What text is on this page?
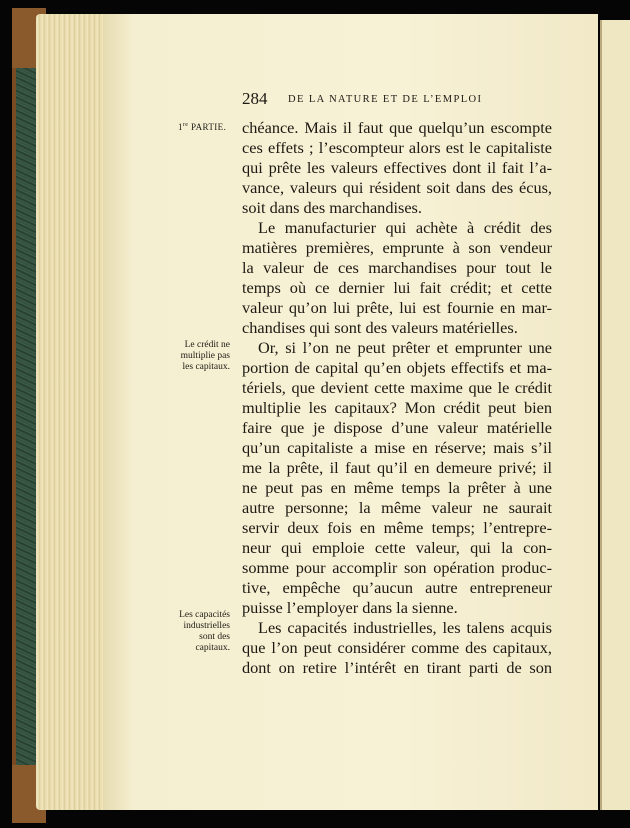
284 DE LA NATURE ET DE L’EMPLOI
1re PARTIE.
Le crédit ne
multiplie pas
les capitaux.
Les capacités
industrielles
sont des
capitaux.
chéance. Mais il faut que quelqu’un escompte
ces effets ; l’escompteur alors est le capitaliste
qui prête les valeurs effectives dont il fait l’a-
vance, valeurs qui résident soit dans des écus,
soit dans des marchandises.
Le manufacturier qui achète à crédit des
matières premières, emprunte à son vendeur
la valeur de ces marchandises pour tout le
temps où ce dernier lui fait crédit; et cette
valeur qu’on lui prête, lui est fournie en mar-
chandises qui sont des valeurs matérielles.
Or, si l’on ne peut prêter et emprunter une
portion de capital qu’en objets effectifs et ma-
tériels, que devient cette maxime que le crédit
multiplie les capitaux? Mon crédit peut bien
faire que je dispose d’une valeur matérielle
qu’un capitaliste a mise en réserve; mais s’il
me la prête, il faut qu’il en demeure privé; il
ne peut pas en même temps la prêter à une
autre personne; la même valeur ne saurait
servir deux fois en même temps; l’entrepre-
neur qui emploie cette valeur, qui la con-
somme pour accomplir son opération produc-
tive, empêche qu’aucun autre entrepreneur
puisse l’employer dans la sienne.
Les capacités industrielles, les talens acquis
que l’on peut considérer comme des capitaux,
dont on retire l’intérêt en tirant parti de son
